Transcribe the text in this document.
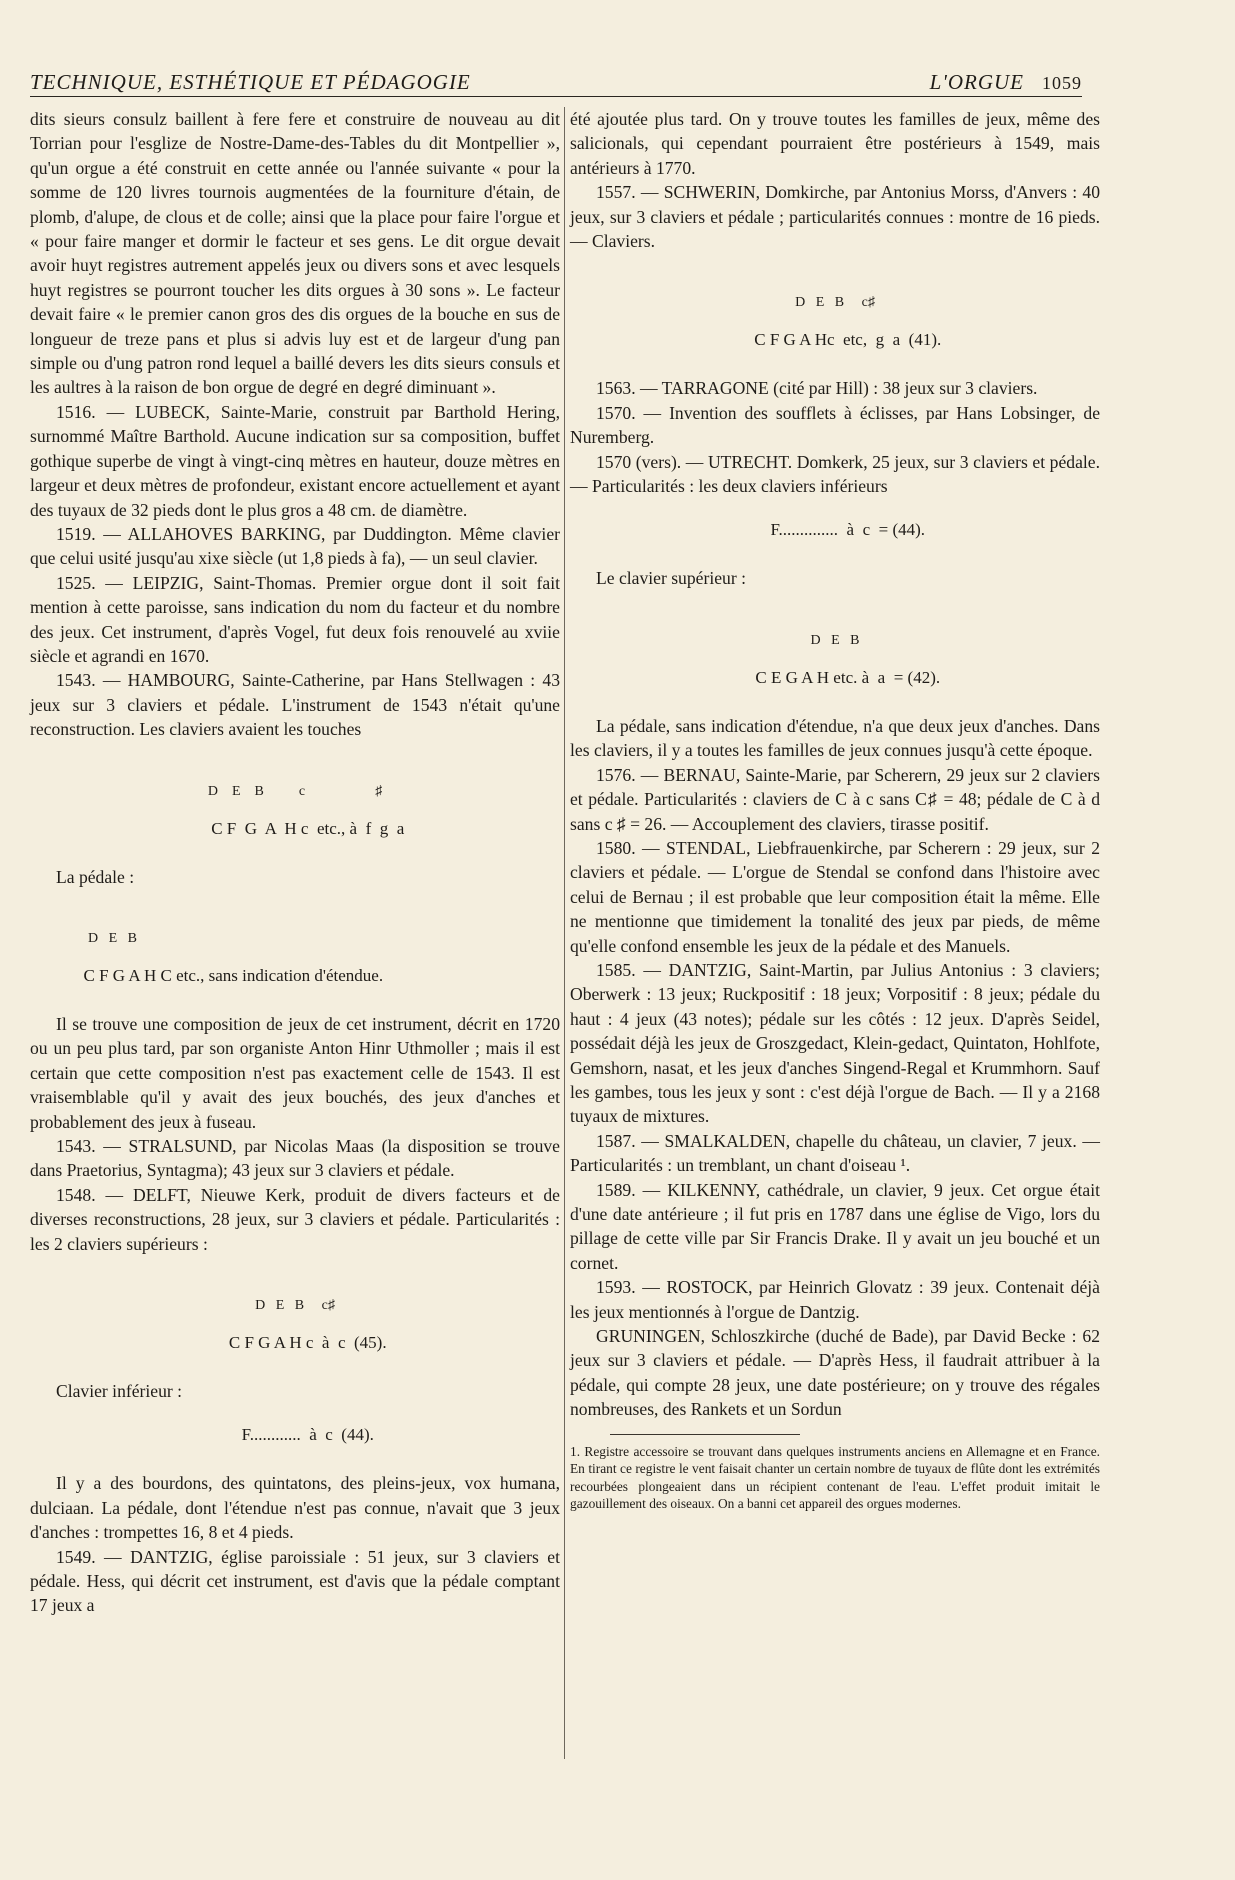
TECHNIQUE, ESTHÉTIQUE ET PÉDAGOGIE	L'ORGUE 1059

dits sieurs consulz baillent à fere fere et construire de nouveau au dit Torrian pour l'esglize de Nostre-Dame-des-Tables du dit Montpellier », qu'un orgue a été construit en cette année ou l'année suivante « pour la somme de 120 livres tournois augmentées de la fourniture d'étain, de plomb, d'alupe, de clous et de colle; ainsi que la place pour faire l'orgue et « pour faire manger et dormir le facteur et ses gens. Le dit orgue devait avoir huyt registres autrement appelés jeux ou divers sons et avec lesquels huyt registres se pourront toucher les dits orgues à 30 sons ». Le facteur devait faire « le premier canon gros des dis orgues de la bouche en sus de longueur de treze pans et plus si advis luy est et de largeur d'ung pan simple ou d'ung patron rond lequel a baillé devers les dits sieurs consuls et les aultres à la raison de bon orgue de degré en degré diminuant ».

1516. — LUBECK, Sainte-Marie, construit par Barthold Hering, surnommé Maître Barthold. Aucune indication sur sa composition, buffet gothique superbe de vingt à vingt-cinq mètres en hauteur, douze mètres en largeur et deux mètres de profondeur, existant encore actuellement et ayant des tuyaux de 32 pieds dont le plus gros a 48 cm. de diamètre.

1519. — ALLAHOVES BARKING, par Duddington. Même clavier que celui usité jusqu'au xixe siècle (ut 1,8 pieds à fa), — un seul clavier.

1525. — LEIPZIG, Saint-Thomas. Premier orgue dont il soit fait mention à cette paroisse, sans indication du nom du facteur et du nombre des jeux. Cet instrument, d'après Vogel, fut deux fois renouvelé au xviie siècle et agrandi en 1670.

1543. — HAMBOURG, Sainte-Catherine, par Hans Stellwagen : 43 jeux sur 3 claviers et pédale. L'instrument de 1543 n'était qu'une reconstruction. Les claviers avaient les touches

D    E    B          c                    ♯

C F  G  A  H c  etc., à  f  g  a

La pédale :

D   E   B

C F G A H C etc., sans indication d'étendue.

Il se trouve une composition de jeux de cet instrument, décrit en 1720 ou un peu plus tard, par son organiste Anton Hinr Uthmoller ; mais il est certain que cette composition n'est pas exactement celle de 1543. Il est vraisemblable qu'il y avait des jeux bouchés, des jeux d'anches et probablement des jeux à fuseau.

1543. — STRALSUND, par Nicolas Maas (la disposition se trouve dans Praetorius, Syntagma); 43 jeux sur 3 claviers et pédale.

1548. — DELFT, Nieuwe Kerk, produit de divers facteurs et de diverses reconstructions, 28 jeux, sur 3 claviers et pédale. Particularités : les 2 claviers supérieurs :

D   E   B     c♯

C F G A H c  à  c  (45).

Clavier inférieur :

F............  à  c  (44).

Il y a des bourdons, des quintatons, des pleins-jeux, vox humana, dulciaan. La pédale, dont l'étendue n'est pas connue, n'avait que 3 jeux d'anches : trompettes 16, 8 et 4 pieds.

1549. — DANTZIG, église paroissiale : 51 jeux, sur 3 claviers et pédale. Hess, qui décrit cet instrument, est d'avis que la pédale comptant 17 jeux a

été ajoutée plus tard. On y trouve toutes les familles de jeux, même des salicionals, qui cependant pourraient être postérieurs à 1549, mais antérieurs à 1770.

1557. — SCHWERIN, Domkirche, par Antonius Morss, d'Anvers : 40 jeux, sur 3 claviers et pédale ; particularités connues : montre de 16 pieds. — Claviers.

D   E   B     c♯

C F G A Hc  etc,  g  a  (41).

1563. — TARRAGONE (cité par Hill) : 38 jeux sur 3 claviers.

1570. — Invention des soufflets à éclisses, par Hans Lobsinger, de Nuremberg.

1570 (vers). — UTRECHT. Domkerk, 25 jeux, sur 3 claviers et pédale. — Particularités : les deux claviers inférieurs

F..............  à  c  = (44).

Le clavier supérieur :

D   E   B

C E G A H etc. à  a  = (42).

La pédale, sans indication d'étendue, n'a que deux jeux d'anches. Dans les claviers, il y a toutes les familles de jeux connues jusqu'à cette époque.

1576. — BERNAU, Sainte-Marie, par Scherern, 29 jeux sur 2 claviers et pédale. Particularités : claviers de C à c sans C♯ = 48; pédale de C à d sans c ♯ = 26. — Accouplement des claviers, tirasse positif.

1580. — STENDAL, Liebfrauenkirche, par Scherern : 29 jeux, sur 2 claviers et pédale. — L'orgue de Stendal se confond dans l'histoire avec celui de Bernau ; il est probable que leur composition était la même. Elle ne mentionne que timidement la tonalité des jeux par pieds, de même qu'elle confond ensemble les jeux de la pédale et des Manuels.

1585. — DANTZIG, Saint-Martin, par Julius Antonius : 3 claviers; Oberwerk : 13 jeux; Ruckpositif : 18 jeux; Vorpositif : 8 jeux; pédale du haut : 4 jeux (43 notes); pédale sur les côtés : 12 jeux. D'après Seidel, possédait déjà les jeux de Groszgedact, Klein-gedact, Quintaton, Hohlfote, Gemshorn, nasat, et les jeux d'anches Singend-Regal et Krummhorn. Sauf les gambes, tous les jeux y sont : c'est déjà l'orgue de Bach. — Il y a 2168 tuyaux de mixtures.

1587. — SMALKALDEN, chapelle du château, un clavier, 7 jeux. — Particularités : un tremblant, un chant d'oiseau ¹.

1589. — KILKENNY, cathédrale, un clavier, 9 jeux. Cet orgue était d'une date antérieure ; il fut pris en 1787 dans une église de Vigo, lors du pillage de cette ville par Sir Francis Drake. Il y avait un jeu bouché et un cornet.

1593. — ROSTOCK, par Heinrich Glovatz : 39 jeux. Contenait déjà les jeux mentionnés à l'orgue de Dantzig.

GRUNINGEN, Schloszkirche (duché de Bade), par David Becke : 62 jeux sur 3 claviers et pédale. — D'après Hess, il faudrait attribuer à la pédale, qui compte 28 jeux, une date postérieure; on y trouve des régales nombreuses, des Rankets et un Sordun

1. Registre accessoire se trouvant dans quelques instruments anciens en Allemagne et en France. En tirant ce registre le vent faisait chanter un certain nombre de tuyaux de flûte dont les extrémités recourbées plongeaient dans un récipient contenant de l'eau. L'effet produit imitait le gazouillement des oiseaux. On a banni cet appareil des orgues modernes.
